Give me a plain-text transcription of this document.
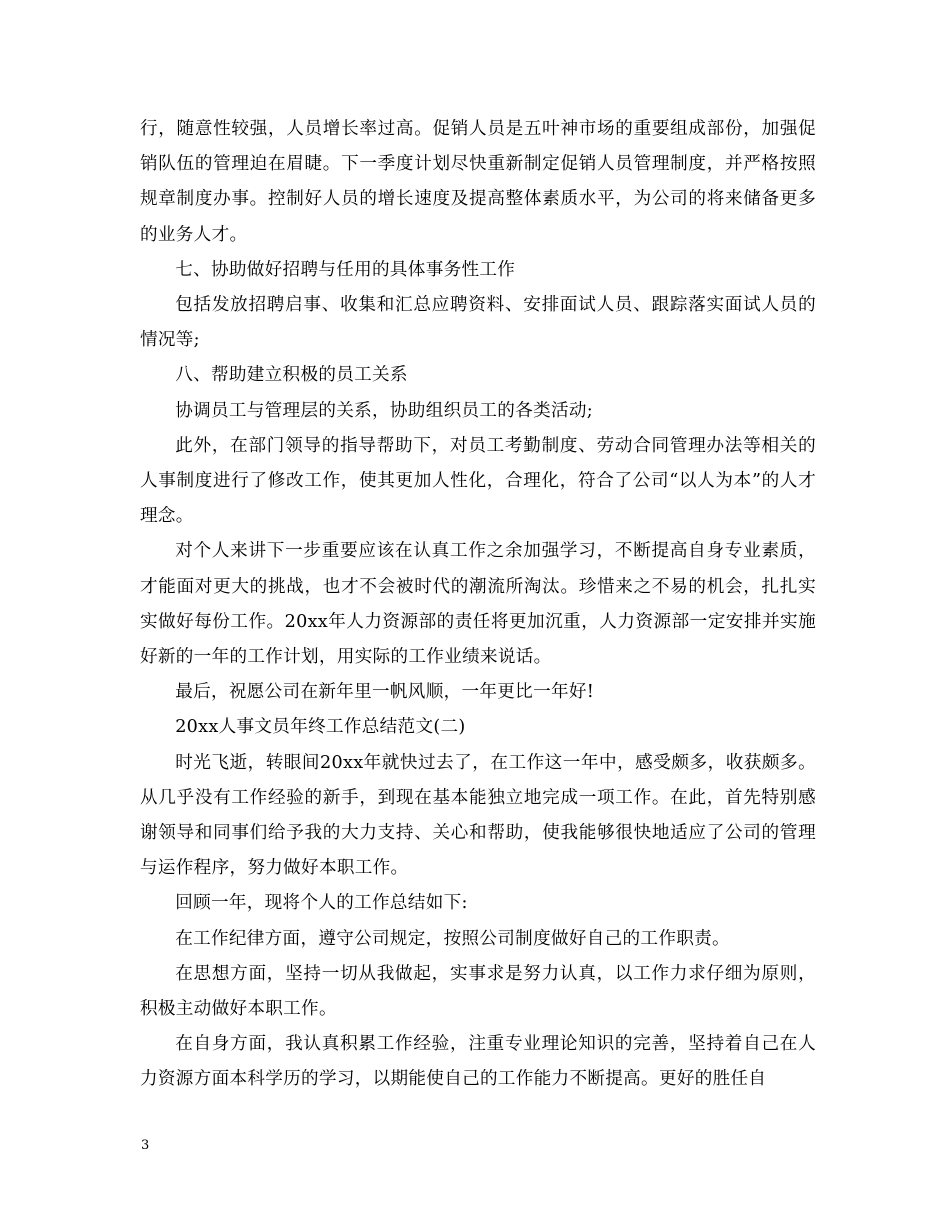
行，随意性较强，人员增长率过高。促销人员是五叶神市场的重要组成部份，加强促销队伍的管理迫在眉睫。下一季度计划尽快重新制定促销人员管理制度，并严格按照规章制度办事。控制好人员的增长速度及提高整体素质水平，为公司的将来储备更多的业务人才。

七、协助做好招聘与任用的具体事务性工作

包括发放招聘启事、收集和汇总应聘资料、安排面试人员、跟踪落实面试人员的情况等;

八、帮助建立积极的员工关系

协调员工与管理层的关系，协助组织员工的各类活动;

此外，在部门领导的指导帮助下，对员工考勤制度、劳动合同管理办法等相关的人事制度进行了修改工作，使其更加人性化，合理化，符合了公司“以人为本”的人才理念。

对个人来讲下一步重要应该在认真工作之余加强学习，不断提高自身专业素质，才能面对更大的挑战，也才不会被时代的潮流所淘汰。珍惜来之不易的机会，扎扎实实做好每份工作。20xx年人力资源部的责任将更加沉重，人力资源部一定安排并实施好新的一年的工作计划，用实际的工作业绩来说话。

最后，祝愿公司在新年里一帆风顺，一年更比一年好!

20xx人事文员年终工作总结范文(二)

时光飞逝，转眼间20xx年就快过去了，在工作这一年中，感受颇多，收获颇多。从几乎没有工作经验的新手，到现在基本能独立地完成一项工作。在此，首先特别感谢领导和同事们给予我的大力支持、关心和帮助，使我能够很快地适应了公司的管理与运作程序，努力做好本职工作。

回顾一年，现将个人的工作总结如下:

在工作纪律方面，遵守公司规定，按照公司制度做好自己的工作职责。

在思想方面，坚持一切从我做起，实事求是努力认真，以工作力求仔细为原则，积极主动做好本职工作。

在自身方面，我认真积累工作经验，注重专业理论知识的完善，坚持着自己在人力资源方面本科学历的学习，以期能使自己的工作能力不断提高。更好的胜任自

3
